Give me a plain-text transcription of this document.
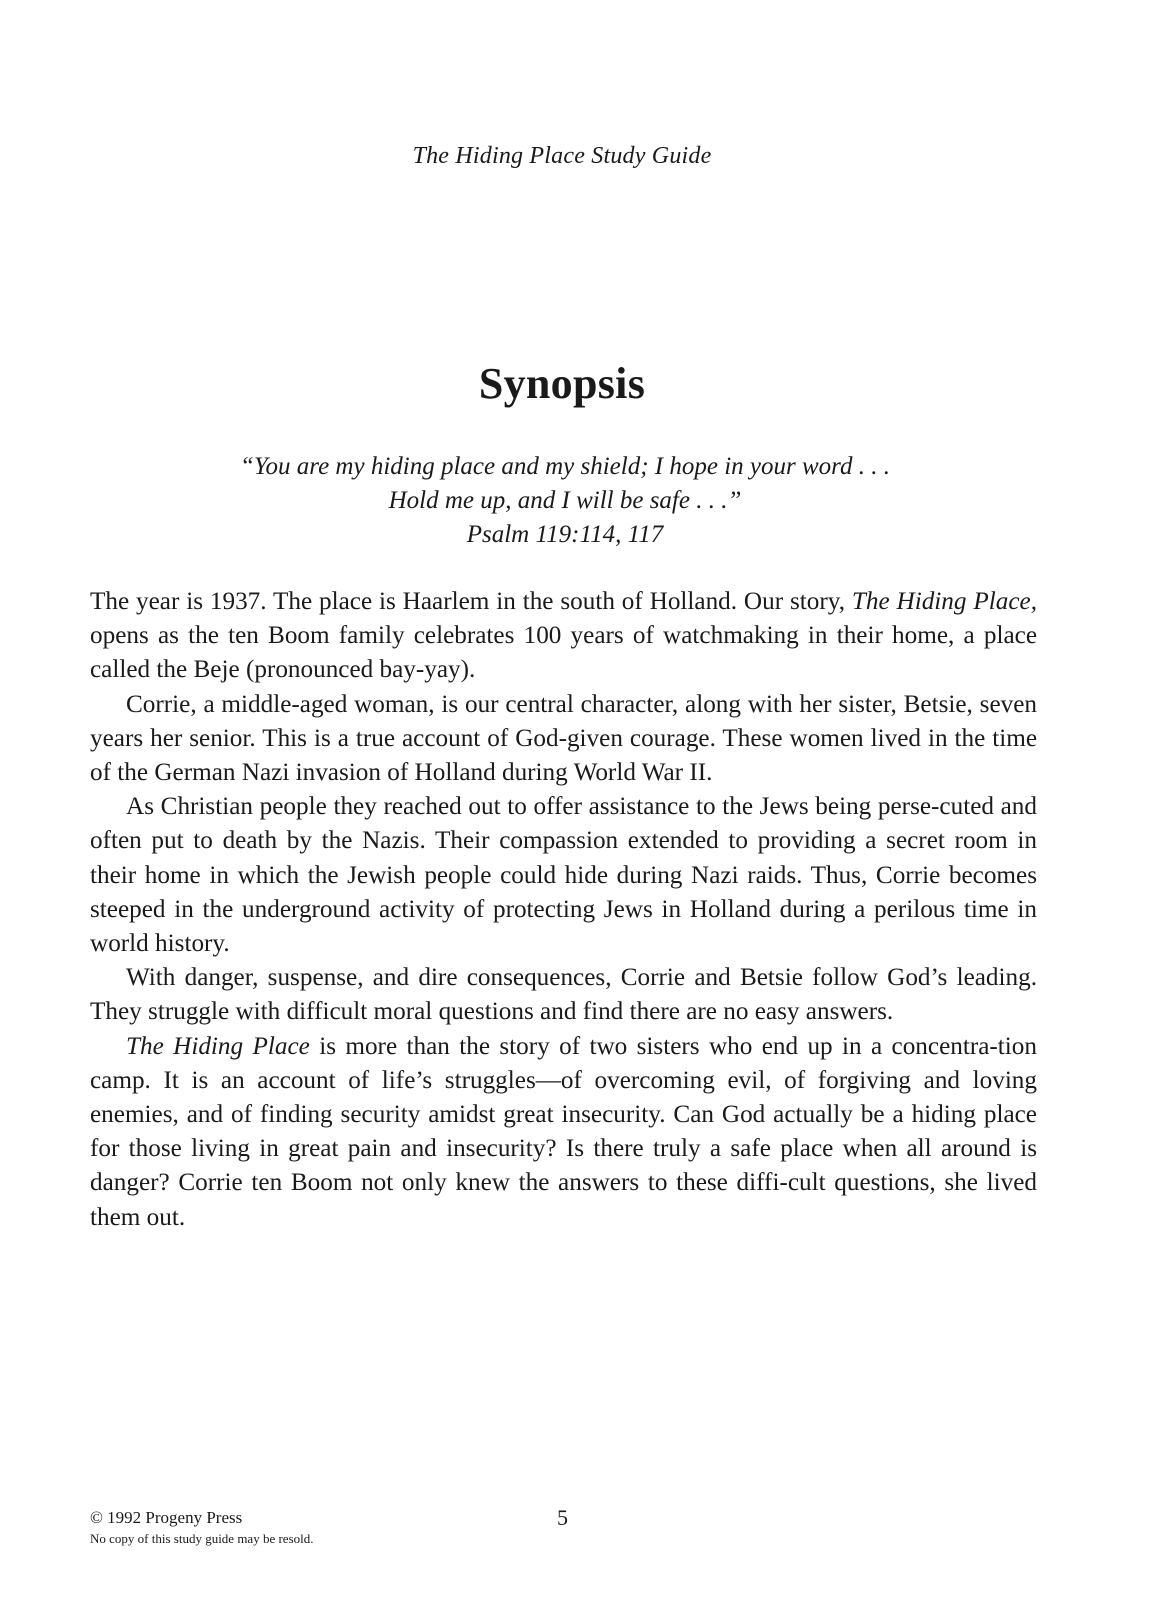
The Hiding Place Study Guide
Synopsis
“You are my hiding place and my shield; I hope in your word . . .
Hold me up, and I will be safe . . .”
Psalm 119:114, 117

The year is 1937. The place is Haarlem in the south of Holland. Our story, The Hiding Place, opens as the ten Boom family celebrates 100 years of watchmaking in their home, a place called the Beje (pronounced bay-yay).

Corrie, a middle-aged woman, is our central character, along with her sister, Betsie, seven years her senior. This is a true account of God-given courage. These women lived in the time of the German Nazi invasion of Holland during World War II.

As Christian people they reached out to offer assistance to the Jews being perse-cuted and often put to death by the Nazis. Their compassion extended to providing a secret room in their home in which the Jewish people could hide during Nazi raids. Thus, Corrie becomes steeped in the underground activity of protecting Jews in Holland during a perilous time in world history.

With danger, suspense, and dire consequences, Corrie and Betsie follow God’s leading. They struggle with difficult moral questions and find there are no easy answers.

The Hiding Place is more than the story of two sisters who end up in a concentra-tion camp. It is an account of life’s struggles—of overcoming evil, of forgiving and loving enemies, and of finding security amidst great insecurity. Can God actually be a hiding place for those living in great pain and insecurity? Is there truly a safe place when all around is danger? Corrie ten Boom not only knew the answers to these diffi-cult questions, she lived them out.

© 1992 Progeny Press
No copy of this study guide may be resold.
5
